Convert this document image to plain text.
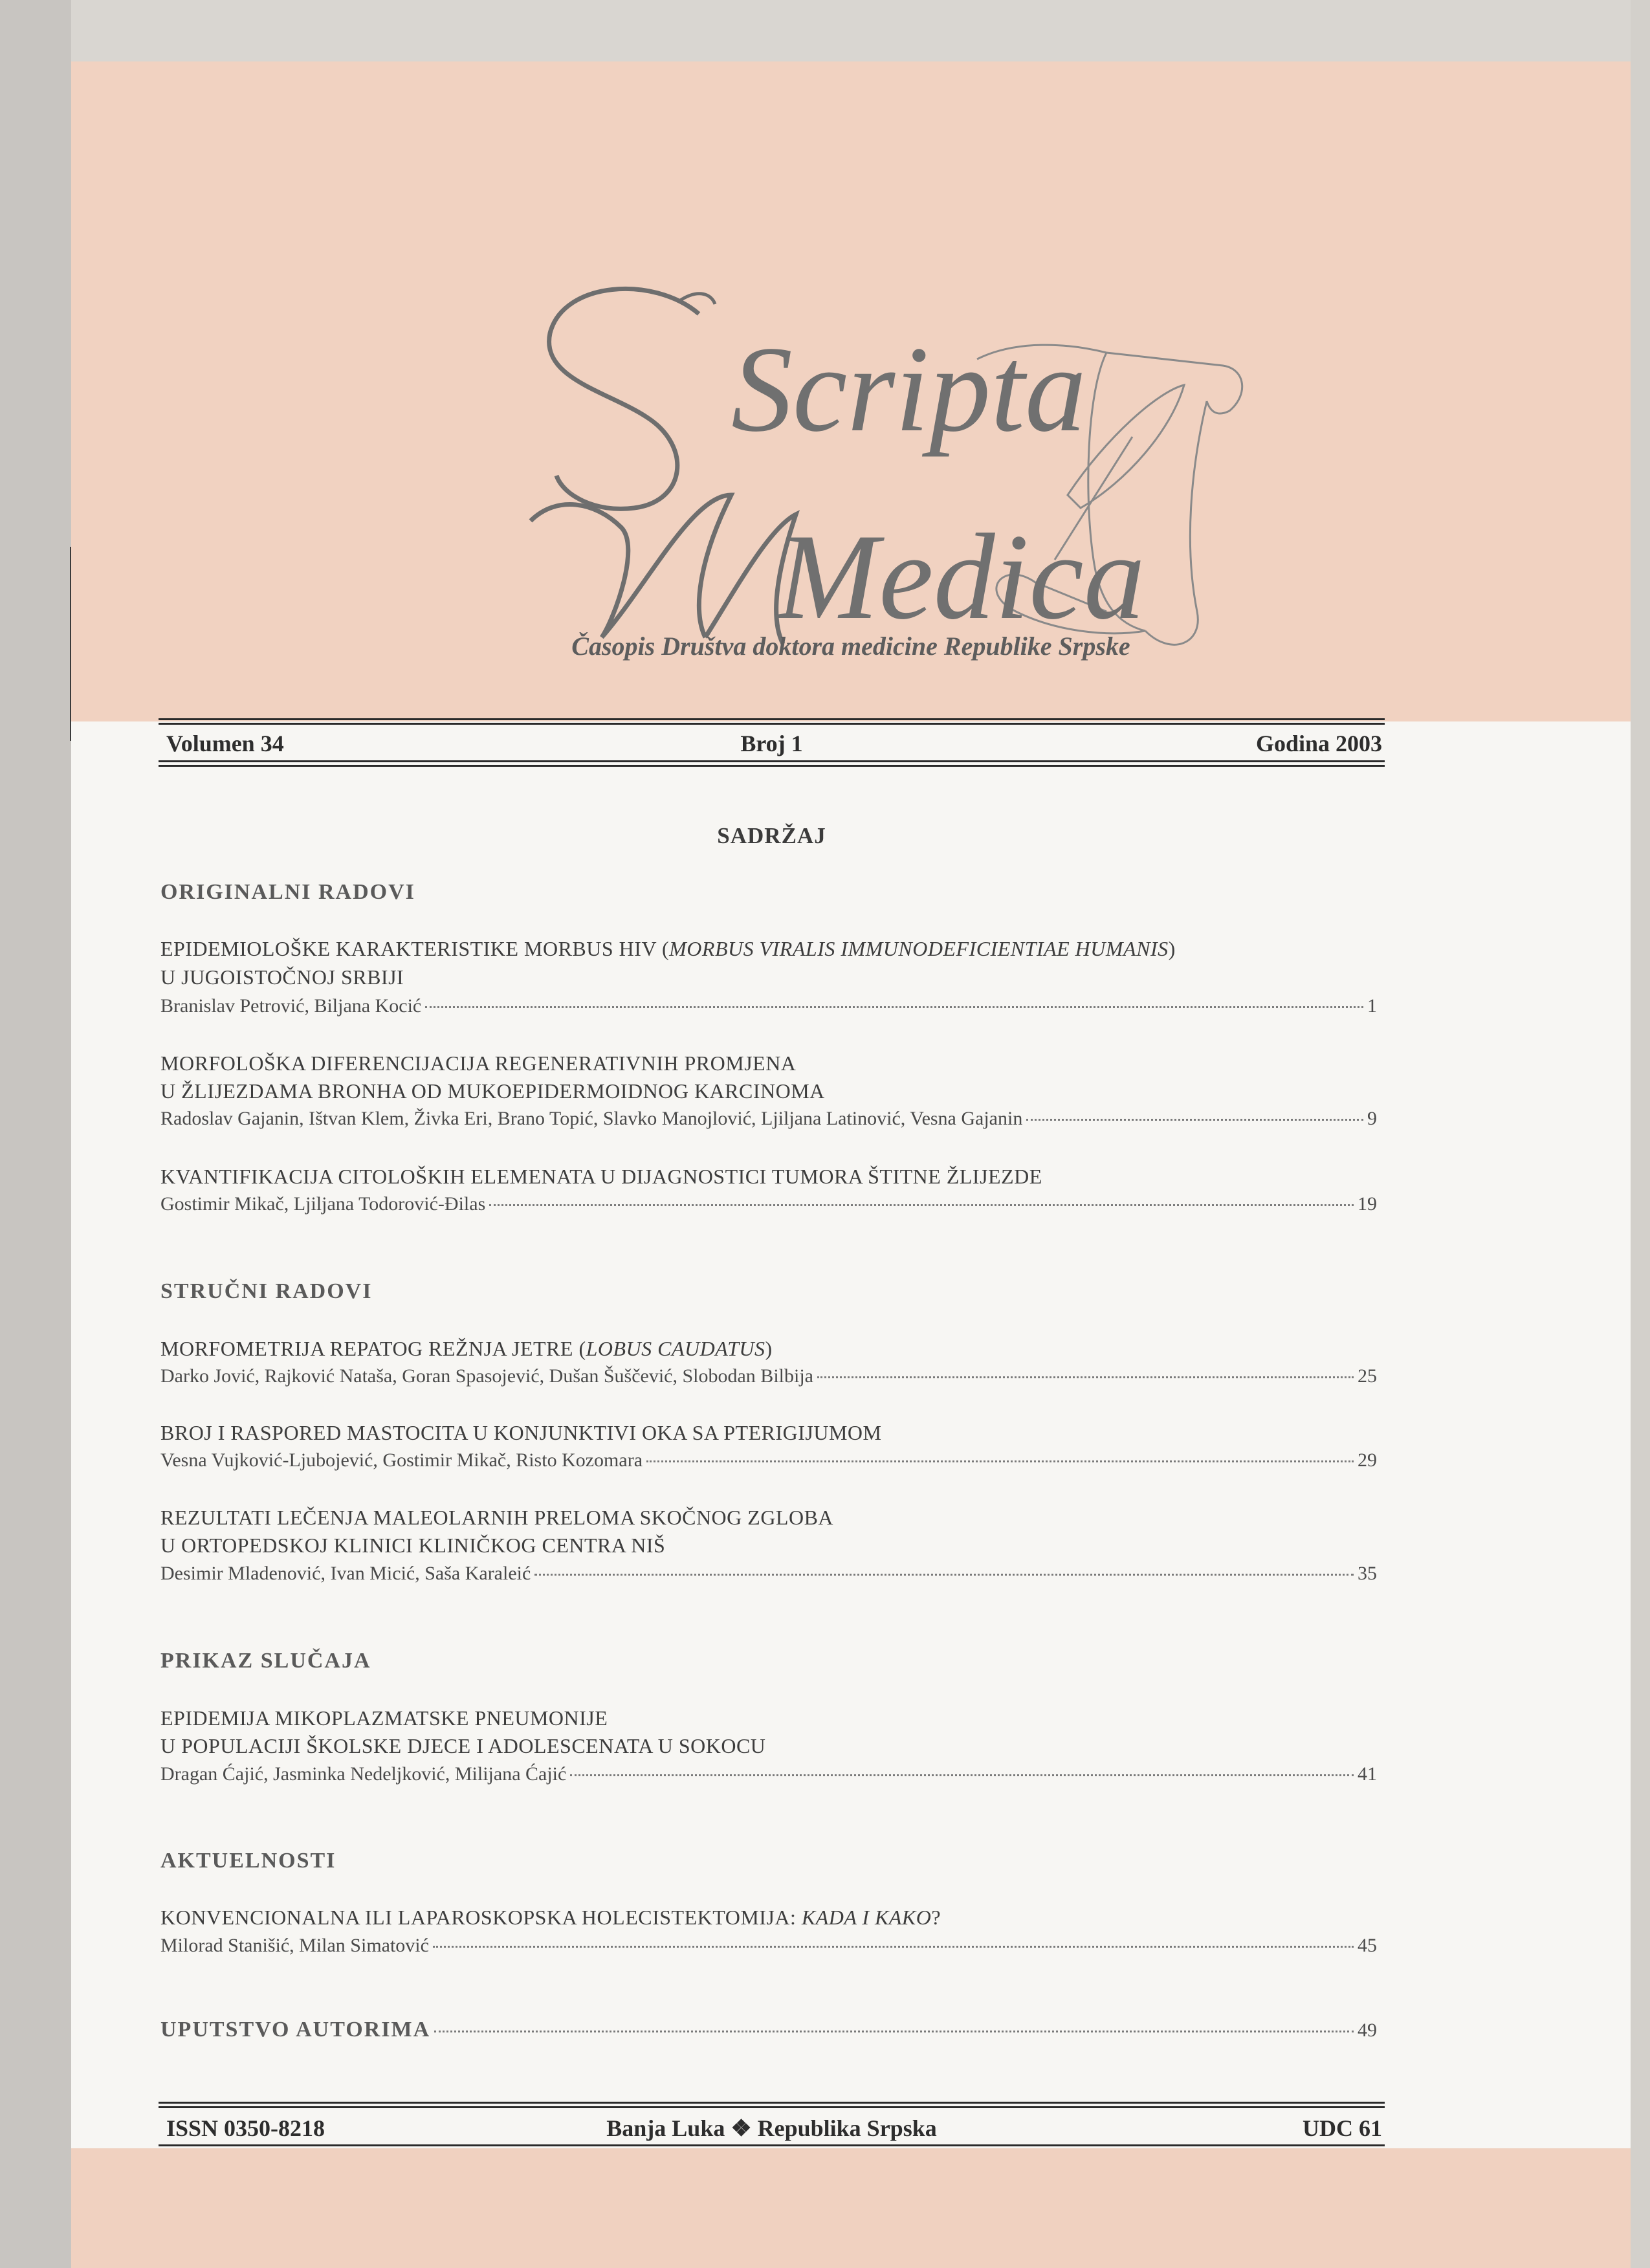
Scripta
Medica
Časopis Društva doktora medicine Republike Srpske
Volumen 34	Broj 1	Godina 2003
SADRŽAJ
ORIGINALNI RADOVI
EPIDEMIOLOŠKE KARAKTERISTIKE MORBUS HIV (MORBUS VIRALIS IMMUNODEFICIENTIAE HUMANIS)
U JUGOISTOČNOJ SRBIJI
Branislav Petrović, Biljana Kocić	1
MORFOLOŠKA DIFERENCIJACIJA REGENERATIVNIH PROMJENA
U ŽLIJEZDAMA BRONHA OD MUKOEPIDERMOIDNOG KARCINOMA
Radoslav Gajanin, Ištvan Klem, Živka Eri, Brano Topić, Slavko Manojlović, Ljiljana Latinović, Vesna Gajanin	9
KVANTIFIKACIJA CITOLOŠKIH ELEMENATA U DIJAGNOSTICI TUMORA ŠTITNE ŽLIJEZDE
Gostimir Mikač, Ljiljana Todorović-Đilas	19
STRUČNI RADOVI
MORFOMETRIJA REPATOG REŽNJA JETRE (LOBUS CAUDATUS)
Darko Jović, Rajković Nataša, Goran Spasojević, Dušan Šuščević, Slobodan Bilbija	25
BROJ I RASPORED MASTOCITA U KONJUNKTIVI OKA SA PTERIGIJUMOM
Vesna Vujković-Ljubojević, Gostimir Mikač, Risto Kozomara	29
REZULTATI LEČENJA MALEOLARNIH PRELOMA SKOČNOG ZGLOBA
U ORTOPEDSKOJ KLINICI KLINIČKOG CENTRA NIŠ
Desimir Mladenović, Ivan Micić, Saša Karaleić	35
PRIKAZ SLUČAJA
EPIDEMIJA MIKOPLAZMATSKE PNEUMONIJE
U POPULACIJI ŠKOLSKE DJECE I ADOLESCENATA U SOKOCU
Dragan Ćajić, Jasminka Nedeljković, Milijana Ćajić	41
AKTUELNOSTI
KONVENCIONALNA ILI LAPAROSKOPSKA HOLECISTEKTOMIJA: KADA I KAKO?
Milorad Stanišić, Milan Simatović	45
UPUTSTVO AUTORIMA	49
ISSN 0350-8218	Banja Luka ❖ Republika Srpska	UDC 61
